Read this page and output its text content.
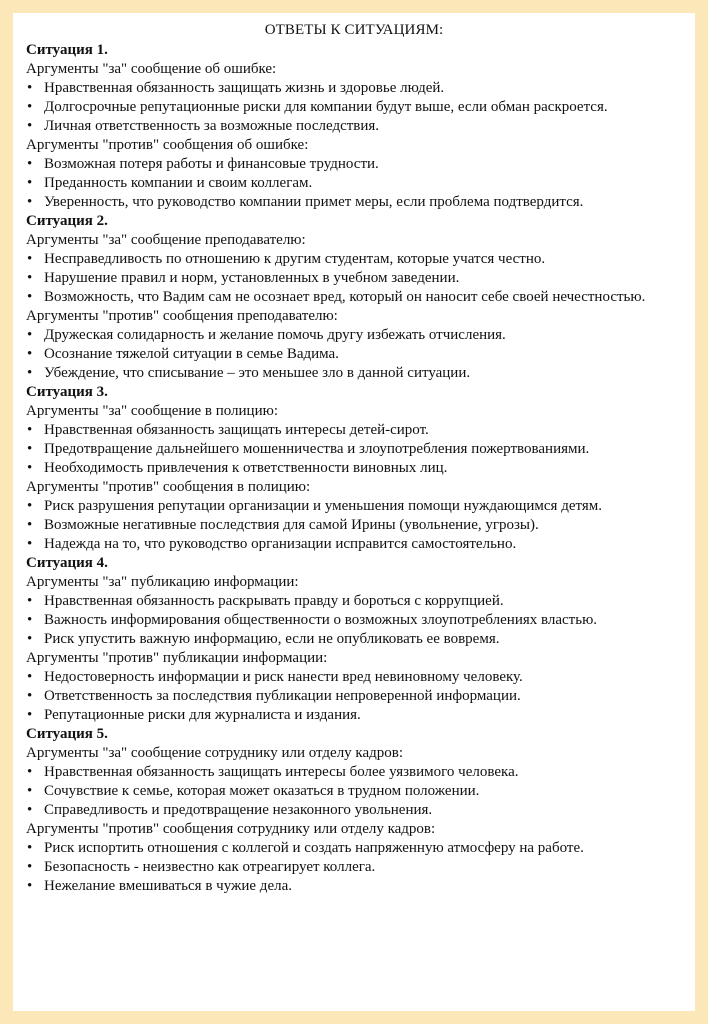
ОТВЕТЫ К СИТУАЦИЯМ:
Ситуация 1.
Аргументы "за" сообщение об ошибке:
• Нравственная обязанность защищать жизнь и здоровье людей.
• Долгосрочные репутационные риски для компании будут выше, если обман раскроется.
• Личная ответственность за возможные последствия.
Аргументы "против" сообщения об ошибке:
• Возможная потеря работы и финансовые трудности.
• Преданность компании и своим коллегам.
• Уверенность, что руководство компании примет меры, если проблема подтвердится.
Ситуация 2.
Аргументы "за" сообщение преподавателю:
• Несправедливость по отношению к другим студентам, которые учатся честно.
• Нарушение правил и норм, установленных в учебном заведении.
• Возможность, что Вадим сам не осознает вред, который он наносит себе своей нечестностью.
Аргументы "против" сообщения преподавателю:
• Дружеская солидарность и желание помочь другу избежать отчисления.
• Осознание тяжелой ситуации в семье Вадима.
• Убеждение, что списывание – это меньшее зло в данной ситуации.
Ситуация 3.
Аргументы "за" сообщение в полицию:
• Нравственная обязанность защищать интересы детей-сирот.
• Предотвращение дальнейшего мошенничества и злоупотребления пожертвованиями.
• Необходимость привлечения к ответственности виновных лиц.
Аргументы "против" сообщения в полицию:
• Риск разрушения репутации организации и уменьшения помощи нуждающимся детям.
• Возможные негативные последствия для самой Ирины (увольнение, угрозы).
• Надежда на то, что руководство организации исправится самостоятельно.
Ситуация 4.
Аргументы "за" публикацию информации:
• Нравственная обязанность раскрывать правду и бороться с коррупцией.
• Важность информирования общественности о возможных злоупотреблениях властью.
• Риск упустить важную информацию, если не опубликовать ее вовремя.
Аргументы "против" публикации информации:
• Недостоверность информации и риск нанести вред невиновному человеку.
• Ответственность за последствия публикации непроверенной информации.
• Репутационные риски для журналиста и издания.
Ситуация 5.
Аргументы "за" сообщение сотруднику или отделу кадров:
• Нравственная обязанность защищать интересы более уязвимого человека.
• Сочувствие к семье, которая может оказаться в трудном положении.
• Справедливость и предотвращение незаконного увольнения.
Аргументы "против" сообщения сотруднику или отделу кадров:
• Риск испортить отношения с коллегой и создать напряженную атмосферу на работе.
• Безопасность - неизвестно как отреагирует коллега.
• Нежелание вмешиваться в чужие дела.
